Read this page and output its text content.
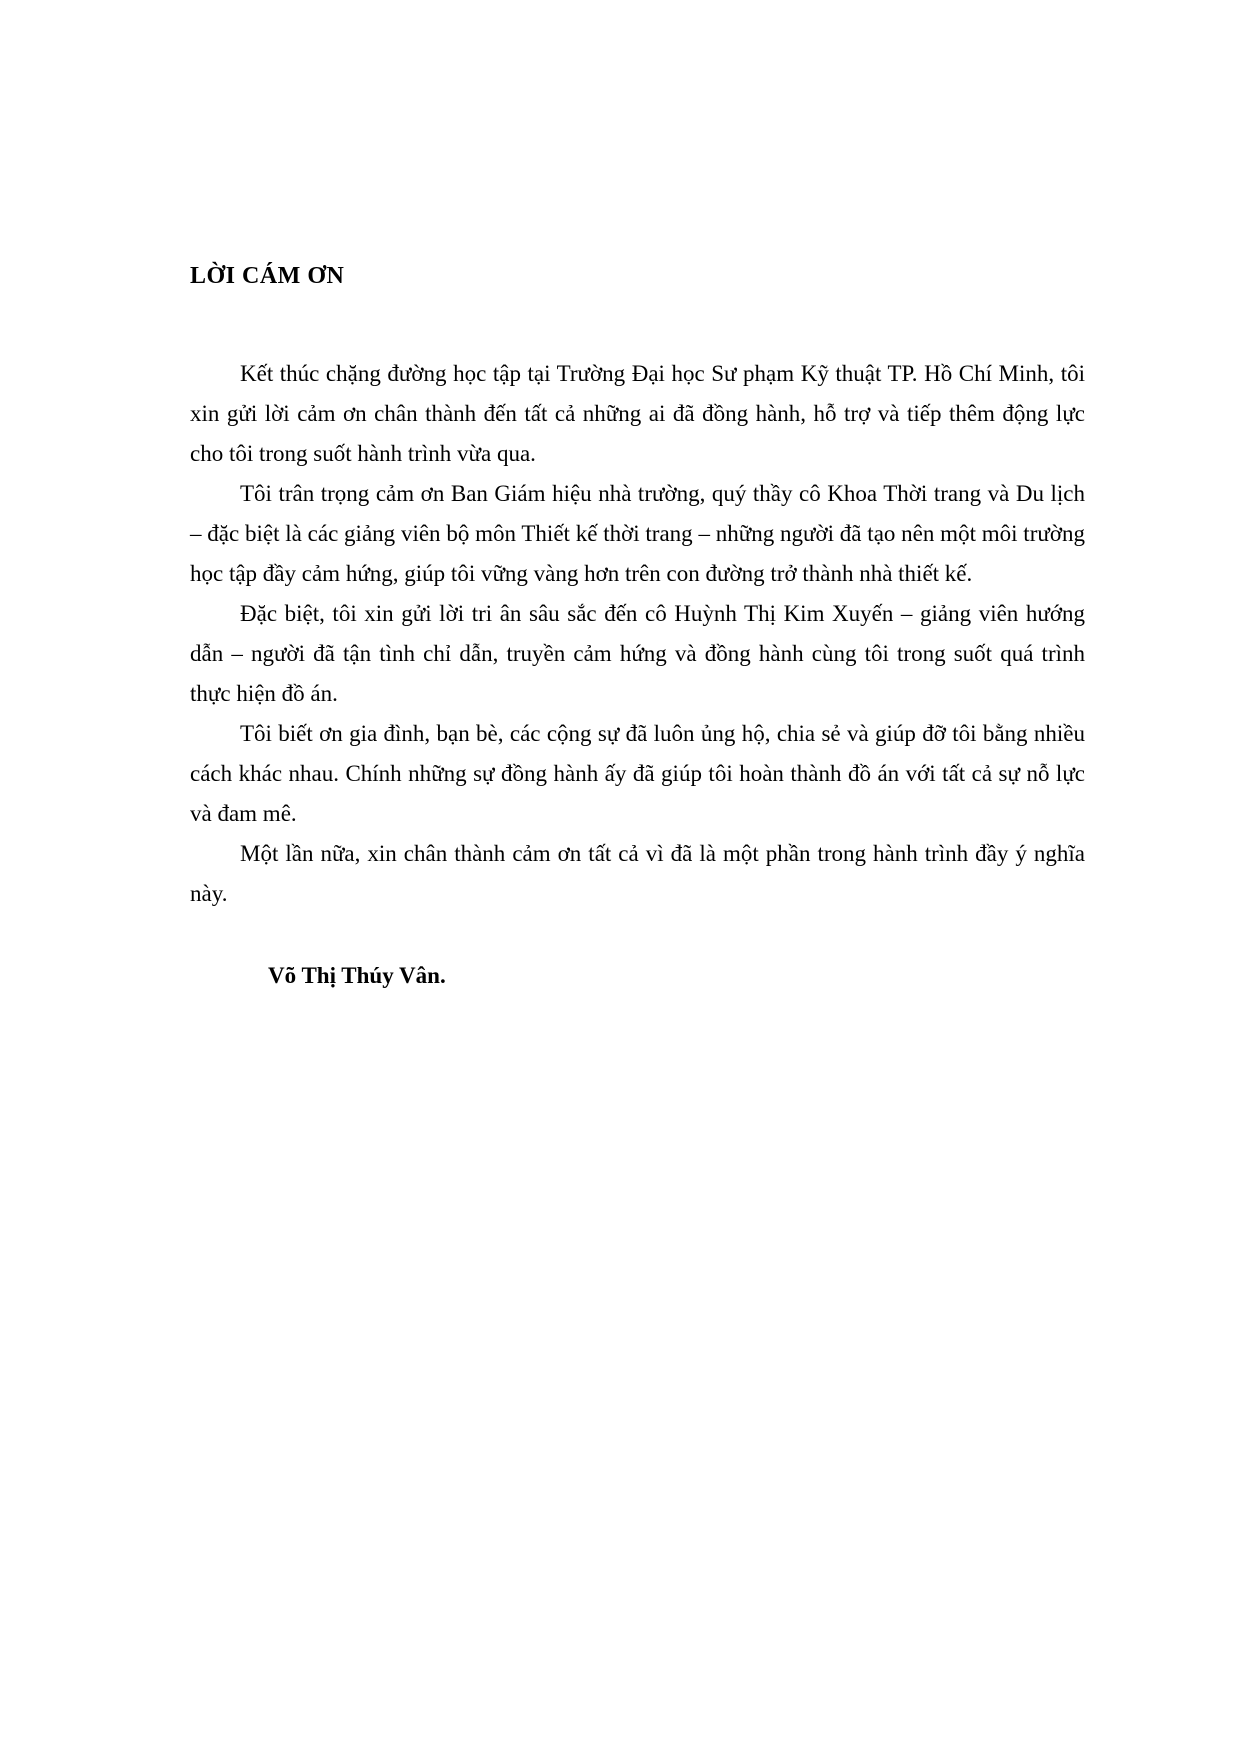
LỜI CÁM ƠN

Kết thúc chặng đường học tập tại Trường Đại học Sư phạm Kỹ thuật TP. Hồ Chí Minh, tôi xin gửi lời cảm ơn chân thành đến tất cả những ai đã đồng hành, hỗ trợ và tiếp thêm động lực cho tôi trong suốt hành trình vừa qua.

Tôi trân trọng cảm ơn Ban Giám hiệu nhà trường, quý thầy cô Khoa Thời trang và Du lịch – đặc biệt là các giảng viên bộ môn Thiết kế thời trang – những người đã tạo nên một môi trường học tập đầy cảm hứng, giúp tôi vững vàng hơn trên con đường trở thành nhà thiết kế.

Đặc biệt, tôi xin gửi lời tri ân sâu sắc đến cô Huỳnh Thị Kim Xuyến – giảng viên hướng dẫn – người đã tận tình chỉ dẫn, truyền cảm hứng và đồng hành cùng tôi trong suốt quá trình thực hiện đồ án.

Tôi biết ơn gia đình, bạn bè, các cộng sự đã luôn ủng hộ, chia sẻ và giúp đỡ tôi bằng nhiều cách khác nhau. Chính những sự đồng hành ấy đã giúp tôi hoàn thành đồ án với tất cả sự nỗ lực và đam mê.

Một lần nữa, xin chân thành cảm ơn tất cả vì đã là một phần trong hành trình đầy ý nghĩa này.

Võ Thị Thúy Vân.
